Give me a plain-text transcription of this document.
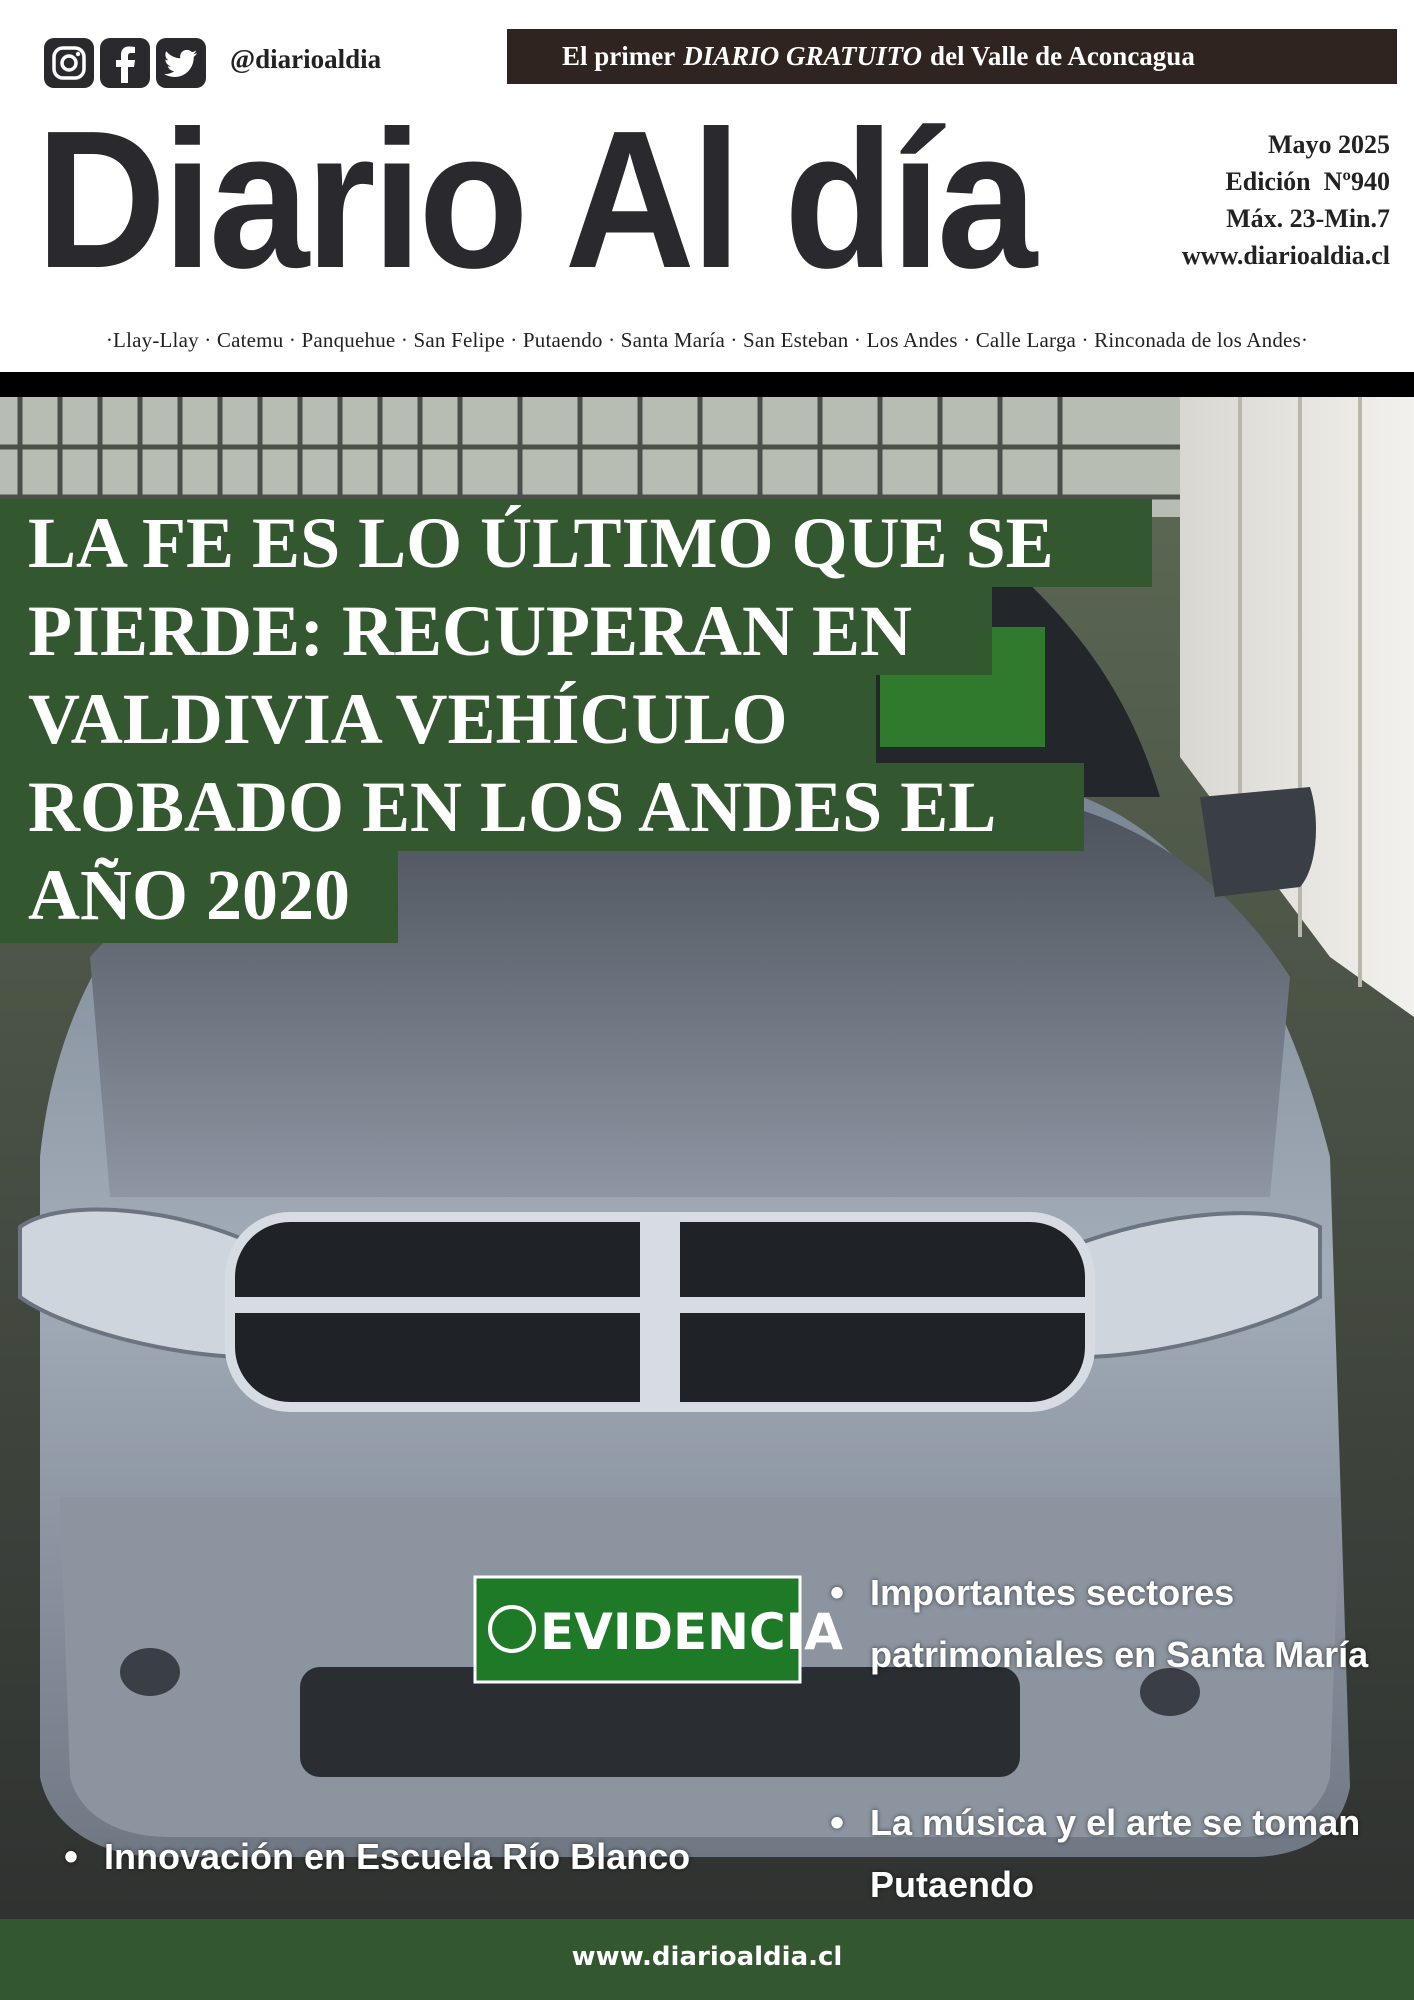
@diarioaldia	El primer DIARIO GRATUITO del Valle de Aconcagua
Diario Al día	Mayo 2025
Edición  Nº940
Máx. 23-Min.7
www.diarioaldia.cl
·Llay-Llay · Catemu · Panquehue · San Felipe · Putaendo · Santa María · San Esteban · Los Andes · Calle Larga · Rinconada de los Andes·
EVIDENCIA
LA FE ES LO ÚLTIMO QUE SE
PIERDE: RECUPERAN EN
VALDIVIA VEHÍCULO
ROBADO EN LOS ANDES EL
AÑO 2020
• Importantes sectores
patrimoniales en Santa María
• La música y el arte se toman
Putaendo
• Innovación en Escuela Río Blanco
www.diarioaldia.cl
